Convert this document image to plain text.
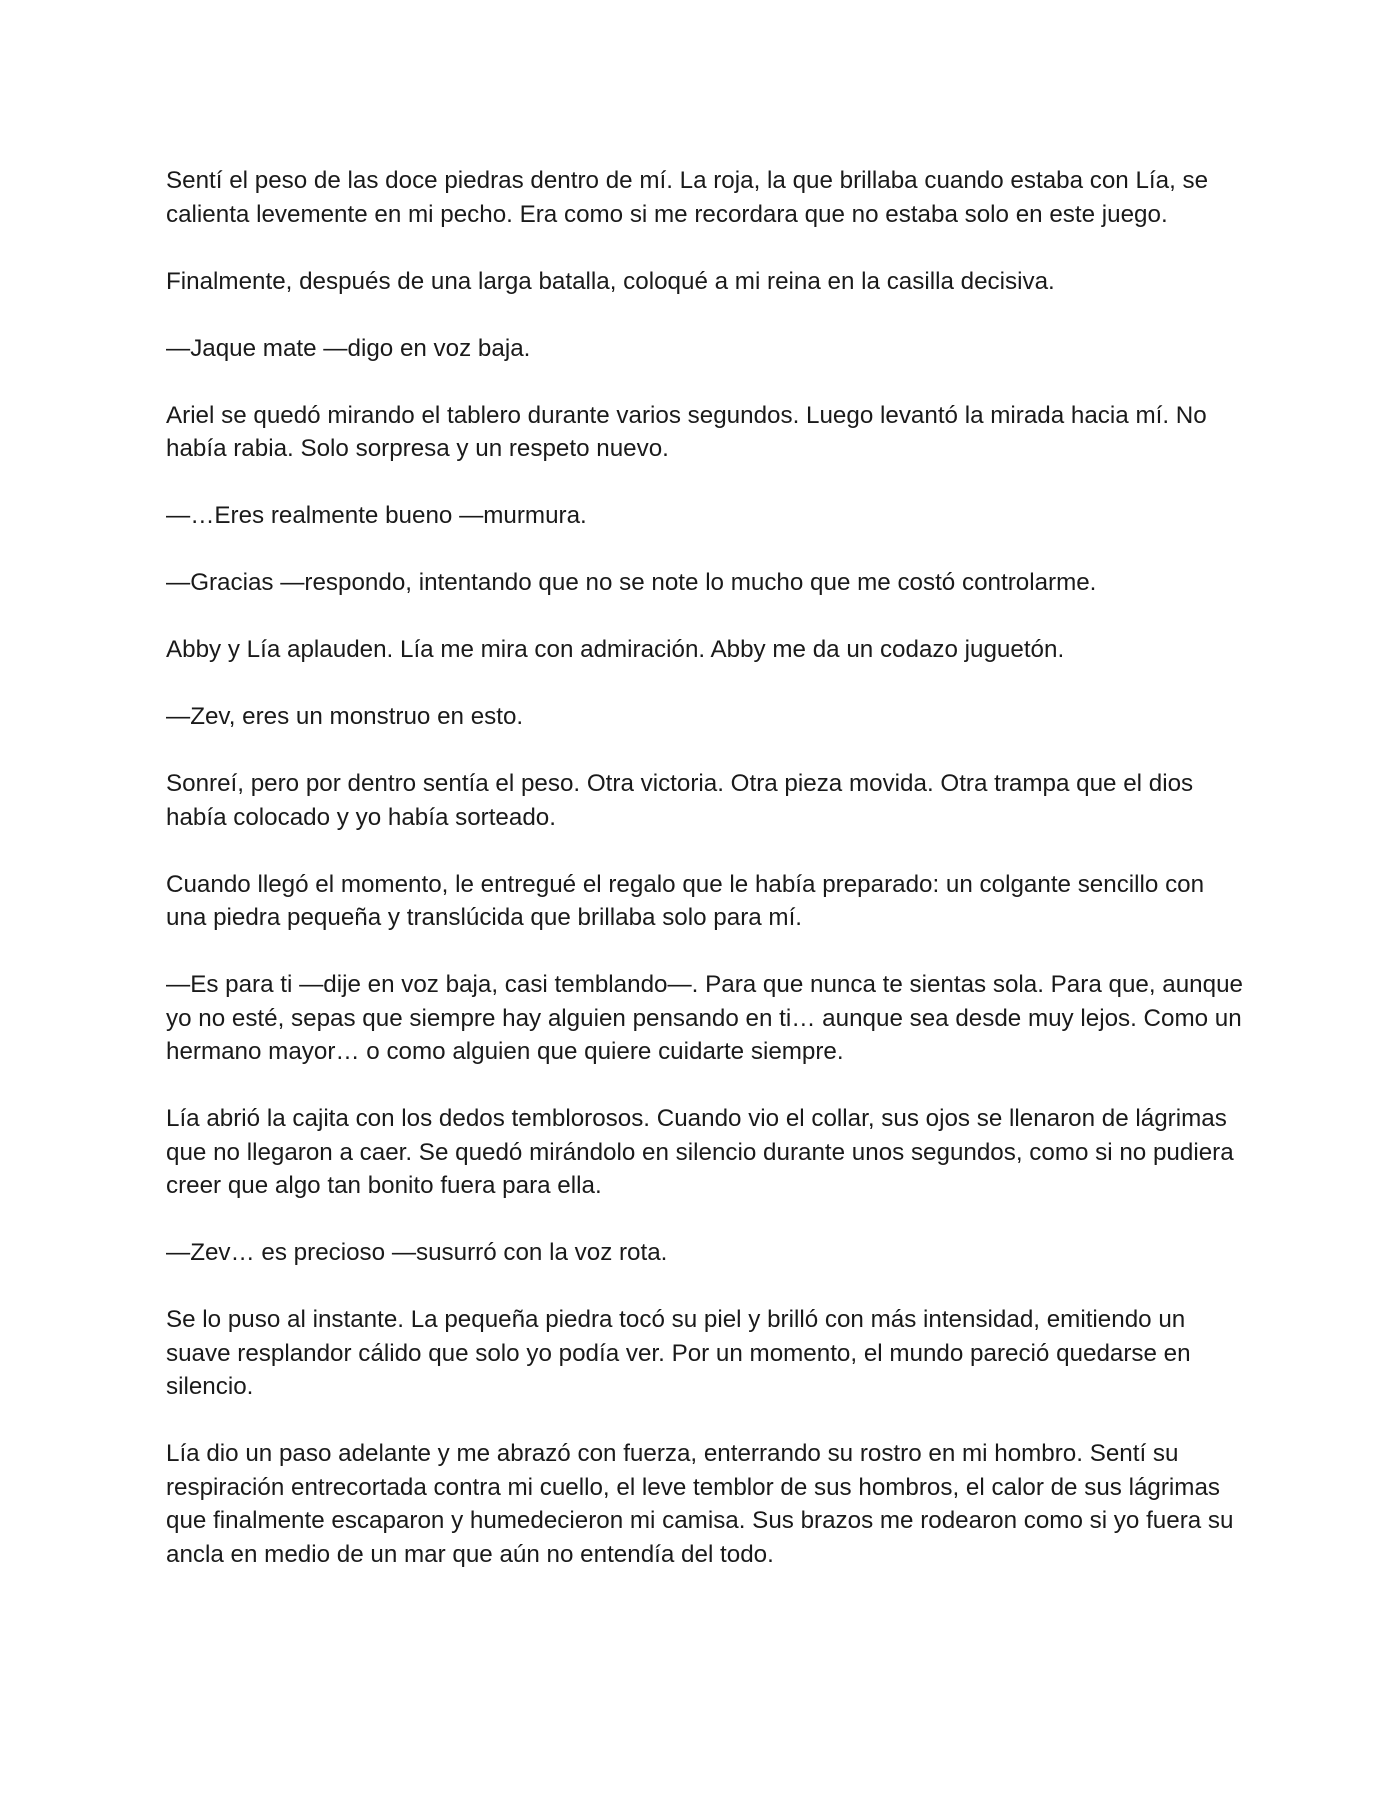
Sentí el peso de las doce piedras dentro de mí. La roja, la que brillaba cuando estaba con Lía, se calienta levemente en mi pecho. Era como si me recordara que no estaba solo en este juego.

Finalmente, después de una larga batalla, coloqué a mi reina en la casilla decisiva.

—Jaque mate —digo en voz baja.

Ariel se quedó mirando el tablero durante varios segundos. Luego levantó la mirada hacia mí. No había rabia. Solo sorpresa y un respeto nuevo.

—…Eres realmente bueno —murmura.

—Gracias —respondo, intentando que no se note lo mucho que me costó controlarme.

Abby y Lía aplauden. Lía me mira con admiración. Abby me da un codazo juguetón.

—Zev, eres un monstruo en esto.

Sonreí, pero por dentro sentía el peso. Otra victoria. Otra pieza movida. Otra trampa que el dios había colocado y yo había sorteado.

Cuando llegó el momento, le entregué el regalo que le había preparado: un colgante sencillo con una piedra pequeña y translúcida que brillaba solo para mí.

—Es para ti —dije en voz baja, casi temblando—. Para que nunca te sientas sola. Para que, aunque yo no esté, sepas que siempre hay alguien pensando en ti… aunque sea desde muy lejos. Como un hermano mayor… o como alguien que quiere cuidarte siempre.

Lía abrió la cajita con los dedos temblorosos. Cuando vio el collar, sus ojos se llenaron de lágrimas que no llegaron a caer. Se quedó mirándolo en silencio durante unos segundos, como si no pudiera creer que algo tan bonito fuera para ella.

—Zev… es precioso —susurró con la voz rota.

Se lo puso al instante. La pequeña piedra tocó su piel y brilló con más intensidad, emitiendo un suave resplandor cálido que solo yo podía ver. Por un momento, el mundo pareció quedarse en silencio.

Lía dio un paso adelante y me abrazó con fuerza, enterrando su rostro en mi hombro. Sentí su respiración entrecortada contra mi cuello, el leve temblor de sus hombros, el calor de sus lágrimas que finalmente escaparon y humedecieron mi camisa. Sus brazos me rodearon como si yo fuera su ancla en medio de un mar que aún no entendía del todo.
